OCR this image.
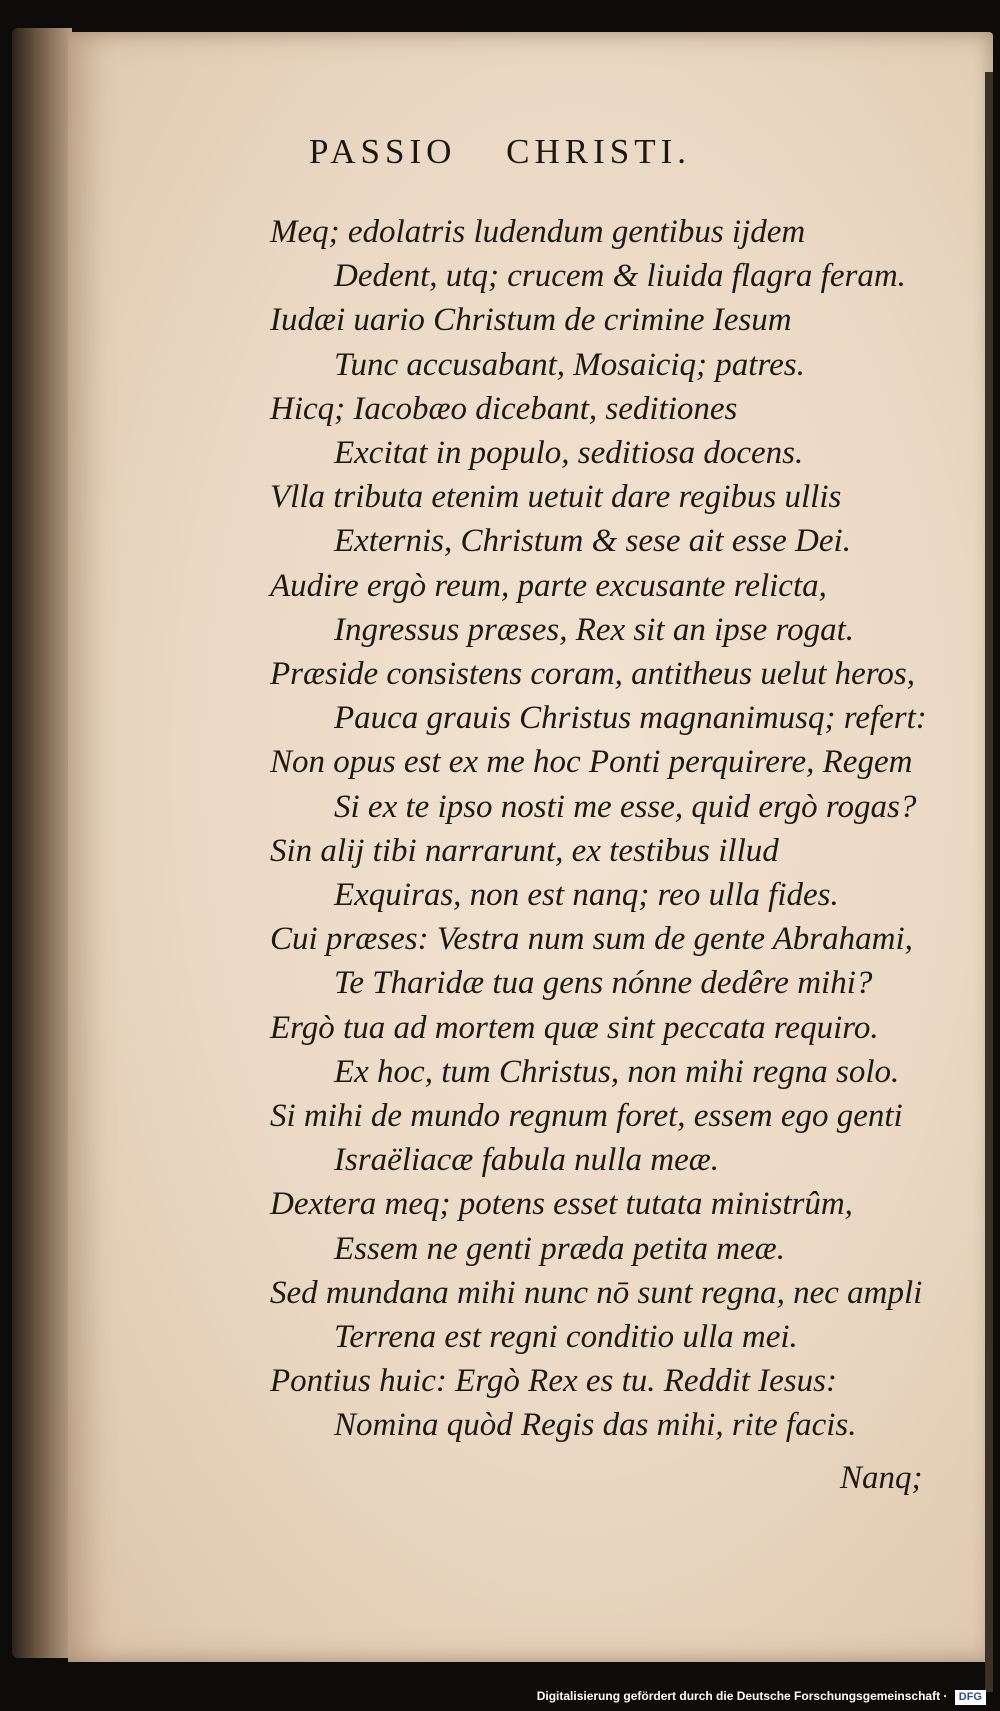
PASSIO CHRISTI.
Meq; edolatris ludendum gentibus ijdem
Dedent, utq; crucem & liuida flagra feram.
Iudæi uario Christum de crimine Iesum
Tunc accusabant, Mosaiciq; patres.
Hicq; Iacobæo dicebant, seditiones
Excitat in populo, seditiosa docens.
Vlla tributa etenim uetuit dare regibus ullis
Externis, Christum & sese ait esse Dei.
Audire ergò reum, parte excusante relicta,
Ingressus præses, Rex sit an ipse rogat.
Præside consistens coram, antitheus uelut heros,
Pauca grauis Christus magnanimusq; refert:
Non opus est ex me hoc Ponti perquirere, Regem
Si ex te ipso nosti me esse, quid ergò rogas?
Sin alij tibi narrarunt, ex testibus illud
Exquiras, non est nanq; reo ulla fides.
Cui præses: Vestra num sum de gente Abrahami,
Te Tharidæ tua gens nónne dedêre mihi?
Ergò tua ad mortem quæ sint peccata requiro.
Ex hoc, tum Christus, non mihi regna solo.
Si mihi de mundo regnum foret, essem ego genti
Israëliacæ fabula nulla meæ.
Dextera meq; potens esset tutata ministrûm,
Essem ne genti præda petita meæ.
Sed mundana mihi nunc nō sunt regna, nec ampli
Terrena est regni conditio ulla mei.
Pontius huic: Ergò Rex es tu. Reddit Iesus:
Nomina quòd Regis das mihi, rite facis.
Nanq;
Digitalisierung gefördert durch die Deutsche Forschungsgemeinschaft · DFG
